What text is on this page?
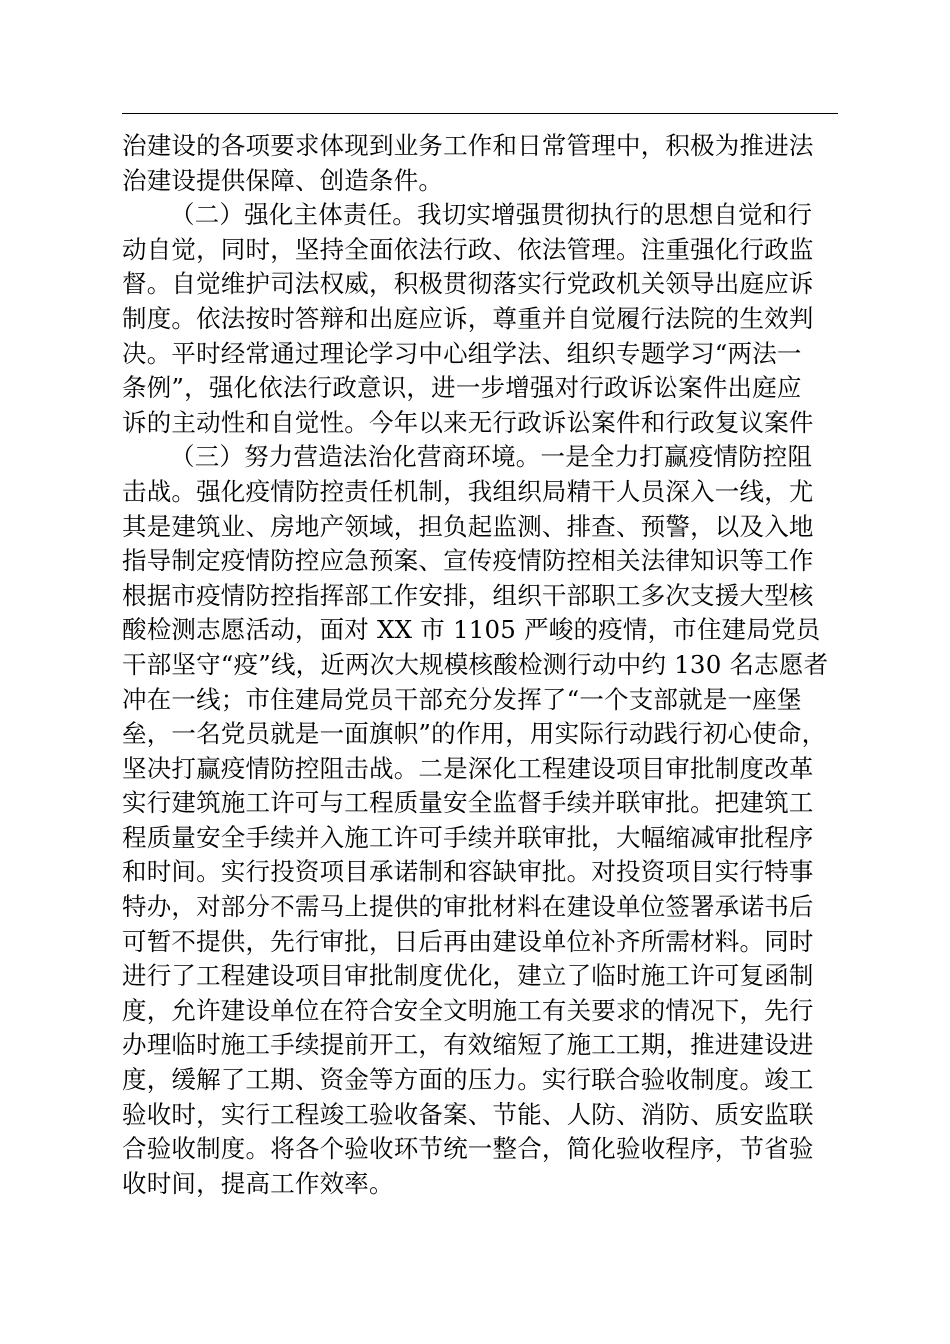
治建设的各项要求体现到业务工作和日常管理中，积极为推进法
治建设提供保障、创造条件。
（二）强化主体责任。我切实增强贯彻执行的思想自觉和行
动自觉，同时，坚持全面依法行政、依法管理。注重强化行政监
督。自觉维护司法权威，积极贯彻落实行党政机关领导出庭应诉
制度。依法按时答辩和出庭应诉，尊重并自觉履行法院的生效判
决。平时经常通过理论学习中心组学法、组织专题学习“两法一
条例”，强化依法行政意识，进一步增强对行政诉讼案件出庭应
诉的主动性和自觉性。今年以来无行政诉讼案件和行政复议案件
（三）努力营造法治化营商环境。一是全力打赢疫情防控阻
击战。强化疫情防控责任机制，我组织局精干人员深入一线，尤
其是建筑业、房地产领域，担负起监测、排查、预警，以及入地
指导制定疫情防控应急预案、宣传疫情防控相关法律知识等工作
根据市疫情防控指挥部工作安排，组织干部职工多次支援大型核
酸检测志愿活动，面对 XX 市 1105 严峻的疫情，市住建局党员
干部坚守“疫”线，近两次大规模核酸检测行动中约 130 名志愿者
冲在一线；市住建局党员干部充分发挥了“一个支部就是一座堡
垒，一名党员就是一面旗帜”的作用，用实际行动践行初心使命，
坚决打赢疫情防控阻击战。二是深化工程建设项目审批制度改革
实行建筑施工许可与工程质量安全监督手续并联审批。把建筑工
程质量安全手续并入施工许可手续并联审批，大幅缩减审批程序
和时间。实行投资项目承诺制和容缺审批。对投资项目实行特事
特办，对部分不需马上提供的审批材料在建设单位签署承诺书后
可暂不提供，先行审批，日后再由建设单位补齐所需材料。同时
进行了工程建设项目审批制度优化，建立了临时施工许可复函制
度，允许建设单位在符合安全文明施工有关要求的情况下，先行
办理临时施工手续提前开工，有效缩短了施工工期，推进建设进
度，缓解了工期、资金等方面的压力。实行联合验收制度。竣工
验收时，实行工程竣工验收备案、节能、人防、消防、质安监联
合验收制度。将各个验收环节统一整合，简化验收程序，节省验
收时间，提高工作效率。
